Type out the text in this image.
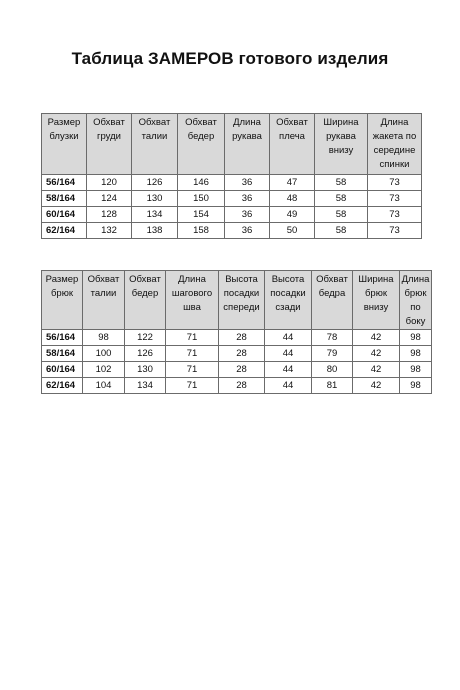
Таблица ЗАМЕРОВ готового изделия
Размер блузки	Обхват груди	Обхват талии	Обхват бедер	Длина рукава	Обхват плеча	Ширина рукава внизу	Длина жакета по середине спинки

56/164	120	126	146	36	47	58	73
58/164	124	130	150	36	48	58	73
60/164	128	134	154	36	49	58	73
62/164	132	138	158	36	50	58	73
Размер брюк	Обхват талии	Обхват бедер	Длина шагового шва	Высота посадки спереди	Высота посадки сзади	Обхват бедра	Ширина брюк внизу	Длина брюк по боку

56/164	98	122	71	28	44	78	42	98
58/164	100	126	71	28	44	79	42	98
60/164	102	130	71	28	44	80	42	98
62/164	104	134	71	28	44	81	42	98
